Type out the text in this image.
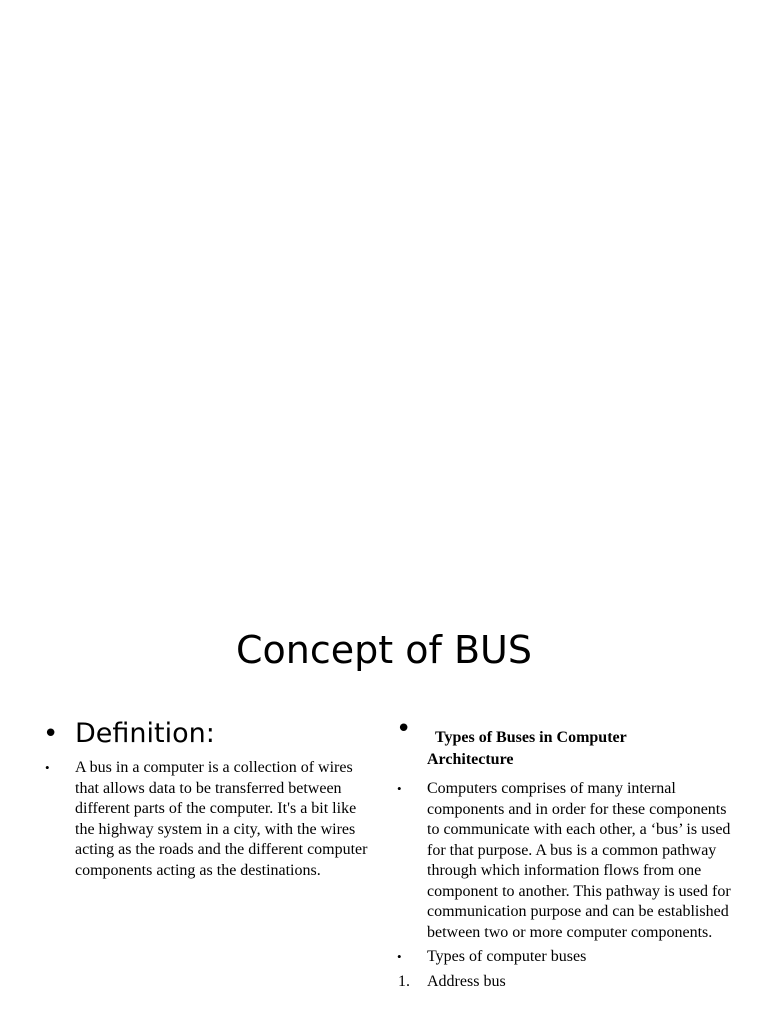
Concept of BUS
• Definition:
• A bus in a computer is a collection of wires that allows data to be transferred between different parts of the computer. It's a bit like the highway system in a city, with the wires acting as the roads and the different computer components acting as the destinations.
•	Types of Buses in Computer
Architecture
• Computers comprises of many internal components and in order for these components to communicate with each other, a ‘bus’ is used for that purpose. A bus is a common pathway through which information flows from one component to another. This pathway is used for communication purpose and can be established between two or more computer components.
• Types of computer buses
1. Address bus
